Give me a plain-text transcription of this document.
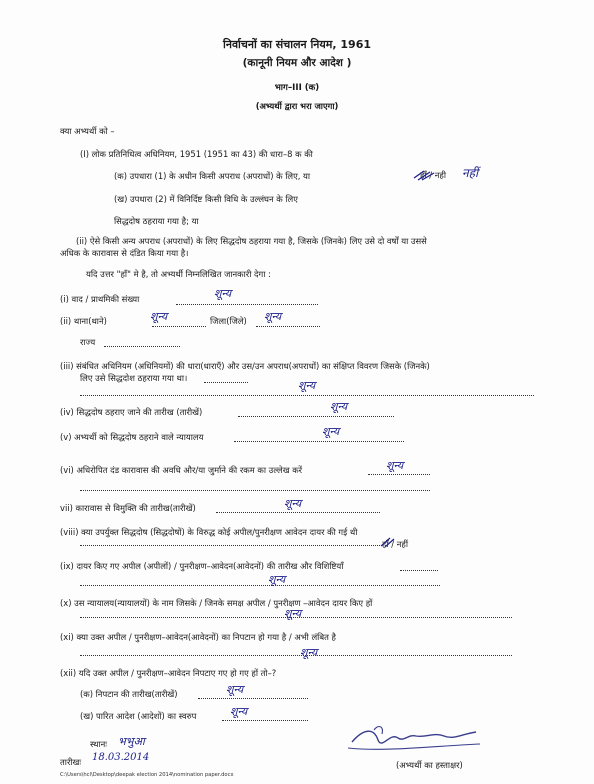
निर्वाचनों का संचालन नियम, 1961
(कानूनी नियम और आदेश )
भाग–III (क)
(अभ्यर्थी द्वारा भरा जाएगा)
क्या अभ्यर्थी को –
(I) लोक प्रतिनिधित्व अधिनियम, 1951 (1951 का 43) की धारा–8 क की
(क) उपधारा (1) के अधीन किसी अपराध (अपराधों) के लिए, या
(ख) उपधारा (2) में विनिर्दिष्ट किसी विधि के उल्लंघन के लिए
सिद्धदोष ठहराया गया है; या
हाँ / नही नहीं
(ii) ऐसे किसी अन्य अपराध (अपराधों) के लिए सिद्धदोष ठहराया गया है, जिसके (जिनके) लिए उसे दो वर्षों या उससे
अधिक के कारावास से दंडित किया गया है।
यदि उत्तर "हॉं" मे है, तो अभ्यर्थी निम्नलिखित जानकारी देगा :
(i) वाद / प्राथमिकी संख्या	शून्य
(ii) थाना(थाने)	शून्य	जिला(जिले) शून्य
राज्य
(iii) संबंधित अधिनियम (अधिनियमों) की धारा(धाराएँ) और उस/उन अपराध(अपराधों) का संक्षिप्त विवरण जिसके (जिनके)
लिए उसे सिद्धदोश ठहराया गया था।
शून्य
(iv) सिद्धदोष ठहराए जाने की तारीख (तारीखें)	शून्य
(v) अभ्यर्थी को सिद्धदोष ठहराने वाले न्यायालय	शून्य
(vi) अधिरोपित दंड कारावास की अवधि और/या जुर्माने की रकम का उल्लेख करें	शून्य
vii) कारावास से विमुक्ति की तारीख(तारीखें)	शून्य
(viii) क्या उपर्युक्त सिद्धदोष (सिद्धदोषों) के विरुद्ध कोई अपील/पुनरीक्षण आवेदन दायर की गई थी
हाँ / नहीं
(ix) दायर किए गए अपील (अपीलों) / पुनरीक्षण–आवेदन(आवेदनों) की तारीख और विशिष्टियॉं
शून्य
(x) उस न्यायालय(न्यायालयों) के नाम जिसके / जिनके समक्ष अपील / पुनरीक्षण –आवेदन दायर किए हों
शून्य
(xi) क्या उक्त अपील / पुनरीक्षण–आवेदन(आवेदनों) का निपटान हो गया है / अभी लंबित है
शून्य
(xii) यदि उक्त अपील / पुनरीक्षण–आवेदन निपटाए गए हो गए हों तो–?
(क) निपटान की तारीख(तारीखें)	शून्य
(ख) पारित आदेश (आदेशों) का स्वरुप	शून्य
स्थानः भभुआ
तारीखः 18.03.2014
(अभ्यर्थी का हस्ताक्षर)
C:\Users\hcl\Desktop\deepak election 2014\nomination paper.docx
